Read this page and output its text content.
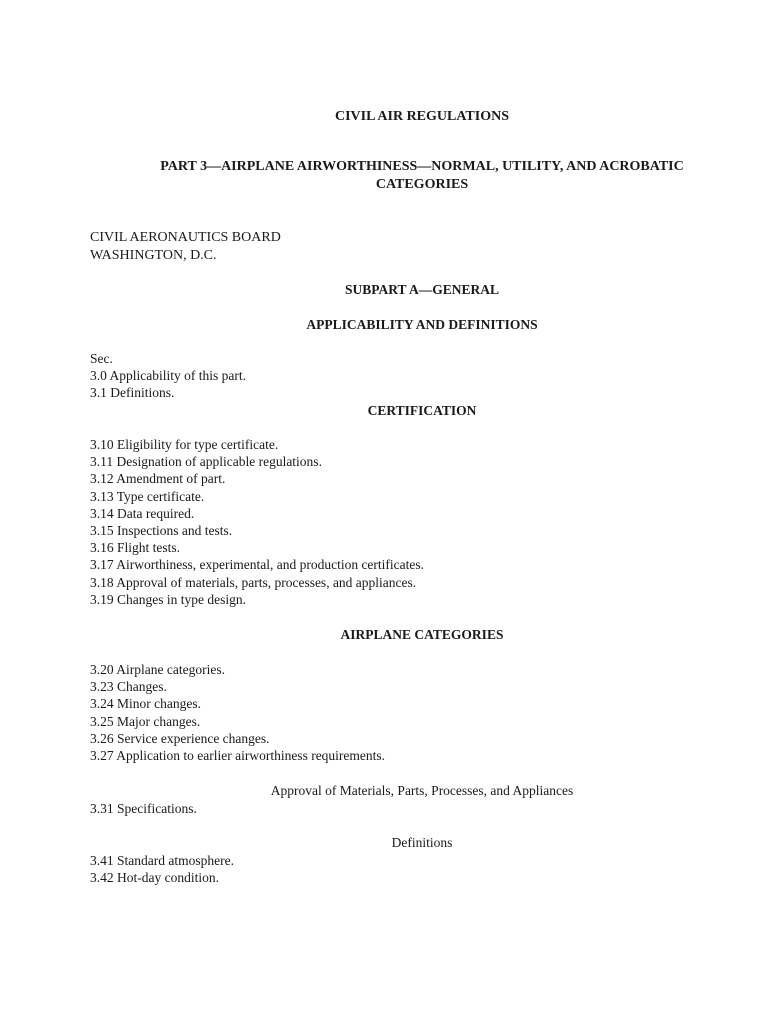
CIVIL AIR REGULATIONS
PART 3—AIRPLANE AIRWORTHINESS—NORMAL, UTILITY, AND ACROBATIC CATEGORIES
CIVIL AERONAUTICS BOARD
WASHINGTON, D.C.
SUBPART A—GENERAL
APPLICABILITY AND DEFINITIONS
Sec.
3.0 Applicability of this part.
3.1 Definitions.
CERTIFICATION
3.10 Eligibility for type certificate.
3.11 Designation of applicable regulations.
3.12 Amendment of part.
3.13 Type certificate.
3.14 Data required.
3.15 Inspections and tests.
3.16 Flight tests.
3.17 Airworthiness, experimental, and production certificates.
3.18 Approval of materials, parts, processes, and appliances.
3.19 Changes in type design.
AIRPLANE CATEGORIES
3.20 Airplane categories.
3.23 Changes.
3.24 Minor changes.
3.25 Major changes.
3.26 Service experience changes.
3.27 Application to earlier airworthiness requirements.
Approval of Materials, Parts, Processes, and Appliances
3.31 Specifications.
Definitions
3.41 Standard atmosphere.
3.42 Hot-day condition.
